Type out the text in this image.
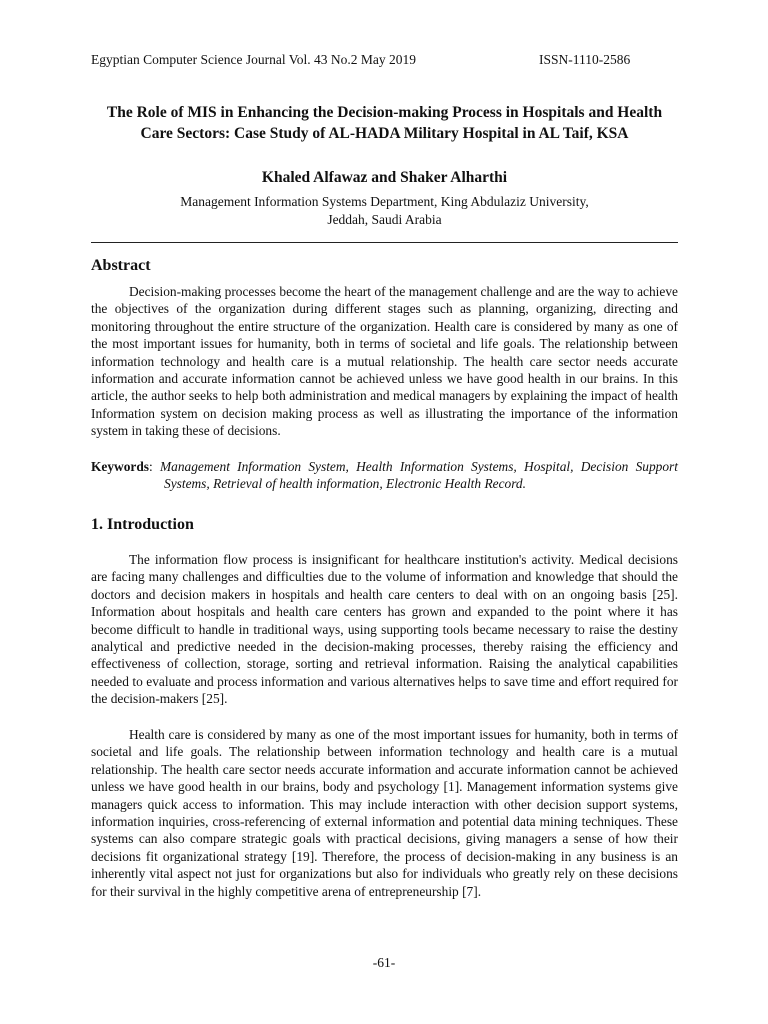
Egyptian Computer Science Journal Vol. 43 No.2 May 2019	ISSN-1110-2586
The Role of MIS in Enhancing the Decision-making Process in Hospitals and Health Care Sectors: Case Study of AL-HADA Military Hospital in AL Taif, KSA
Khaled Alfawaz and Shaker Alharthi
Management Information Systems Department, King Abdulaziz University,
Jeddah, Saudi Arabia
Abstract
Decision-making processes become the heart of the management challenge and are the way to achieve the objectives of the organization during different stages such as planning, organizing, directing and monitoring throughout the entire structure of the organization. Health care is considered by many as one of the most important issues for humanity, both in terms of societal and life goals. The relationship between information technology and health care is a mutual relationship. The health care sector needs accurate information and accurate information cannot be achieved unless we have good health in our brains. In this article, the author seeks to help both administration and medical managers by explaining the impact of health Information system on decision making process as well as illustrating the importance of the information system in taking these of decisions.
Keywords: Management Information System, Health Information Systems, Hospital, Decision Support Systems, Retrieval of health information, Electronic Health Record.
1. Introduction
The information flow process is insignificant for healthcare institution's activity. Medical decisions are facing many challenges and difficulties due to the volume of information and knowledge that should the doctors and decision makers in hospitals and health care centers to deal with on an ongoing basis [25]. Information about hospitals and health care centers has grown and expanded to the point where it has become difficult to handle in traditional ways, using supporting tools became necessary to raise the destiny analytical and predictive needed in the decision-making processes, thereby raising the efficiency and effectiveness of collection, storage, sorting and retrieval information. Raising the analytical capabilities needed to evaluate and process information and various alternatives helps to save time and effort required for the decision-makers [25].
Health care is considered by many as one of the most important issues for humanity, both in terms of societal and life goals. The relationship between information technology and health care is a mutual relationship. The health care sector needs accurate information and accurate information cannot be achieved unless we have good health in our brains, body and psychology [1]. Management information systems give managers quick access to information. This may include interaction with other decision support systems, information inquiries, cross-referencing of external information and potential data mining techniques. These systems can also compare strategic goals with practical decisions, giving managers a sense of how their decisions fit organizational strategy [19]. Therefore, the process of decision-making in any business is an inherently vital aspect not just for organizations but also for individuals who greatly rely on these decisions for their survival in the highly competitive arena of entrepreneurship [7].
-61-
